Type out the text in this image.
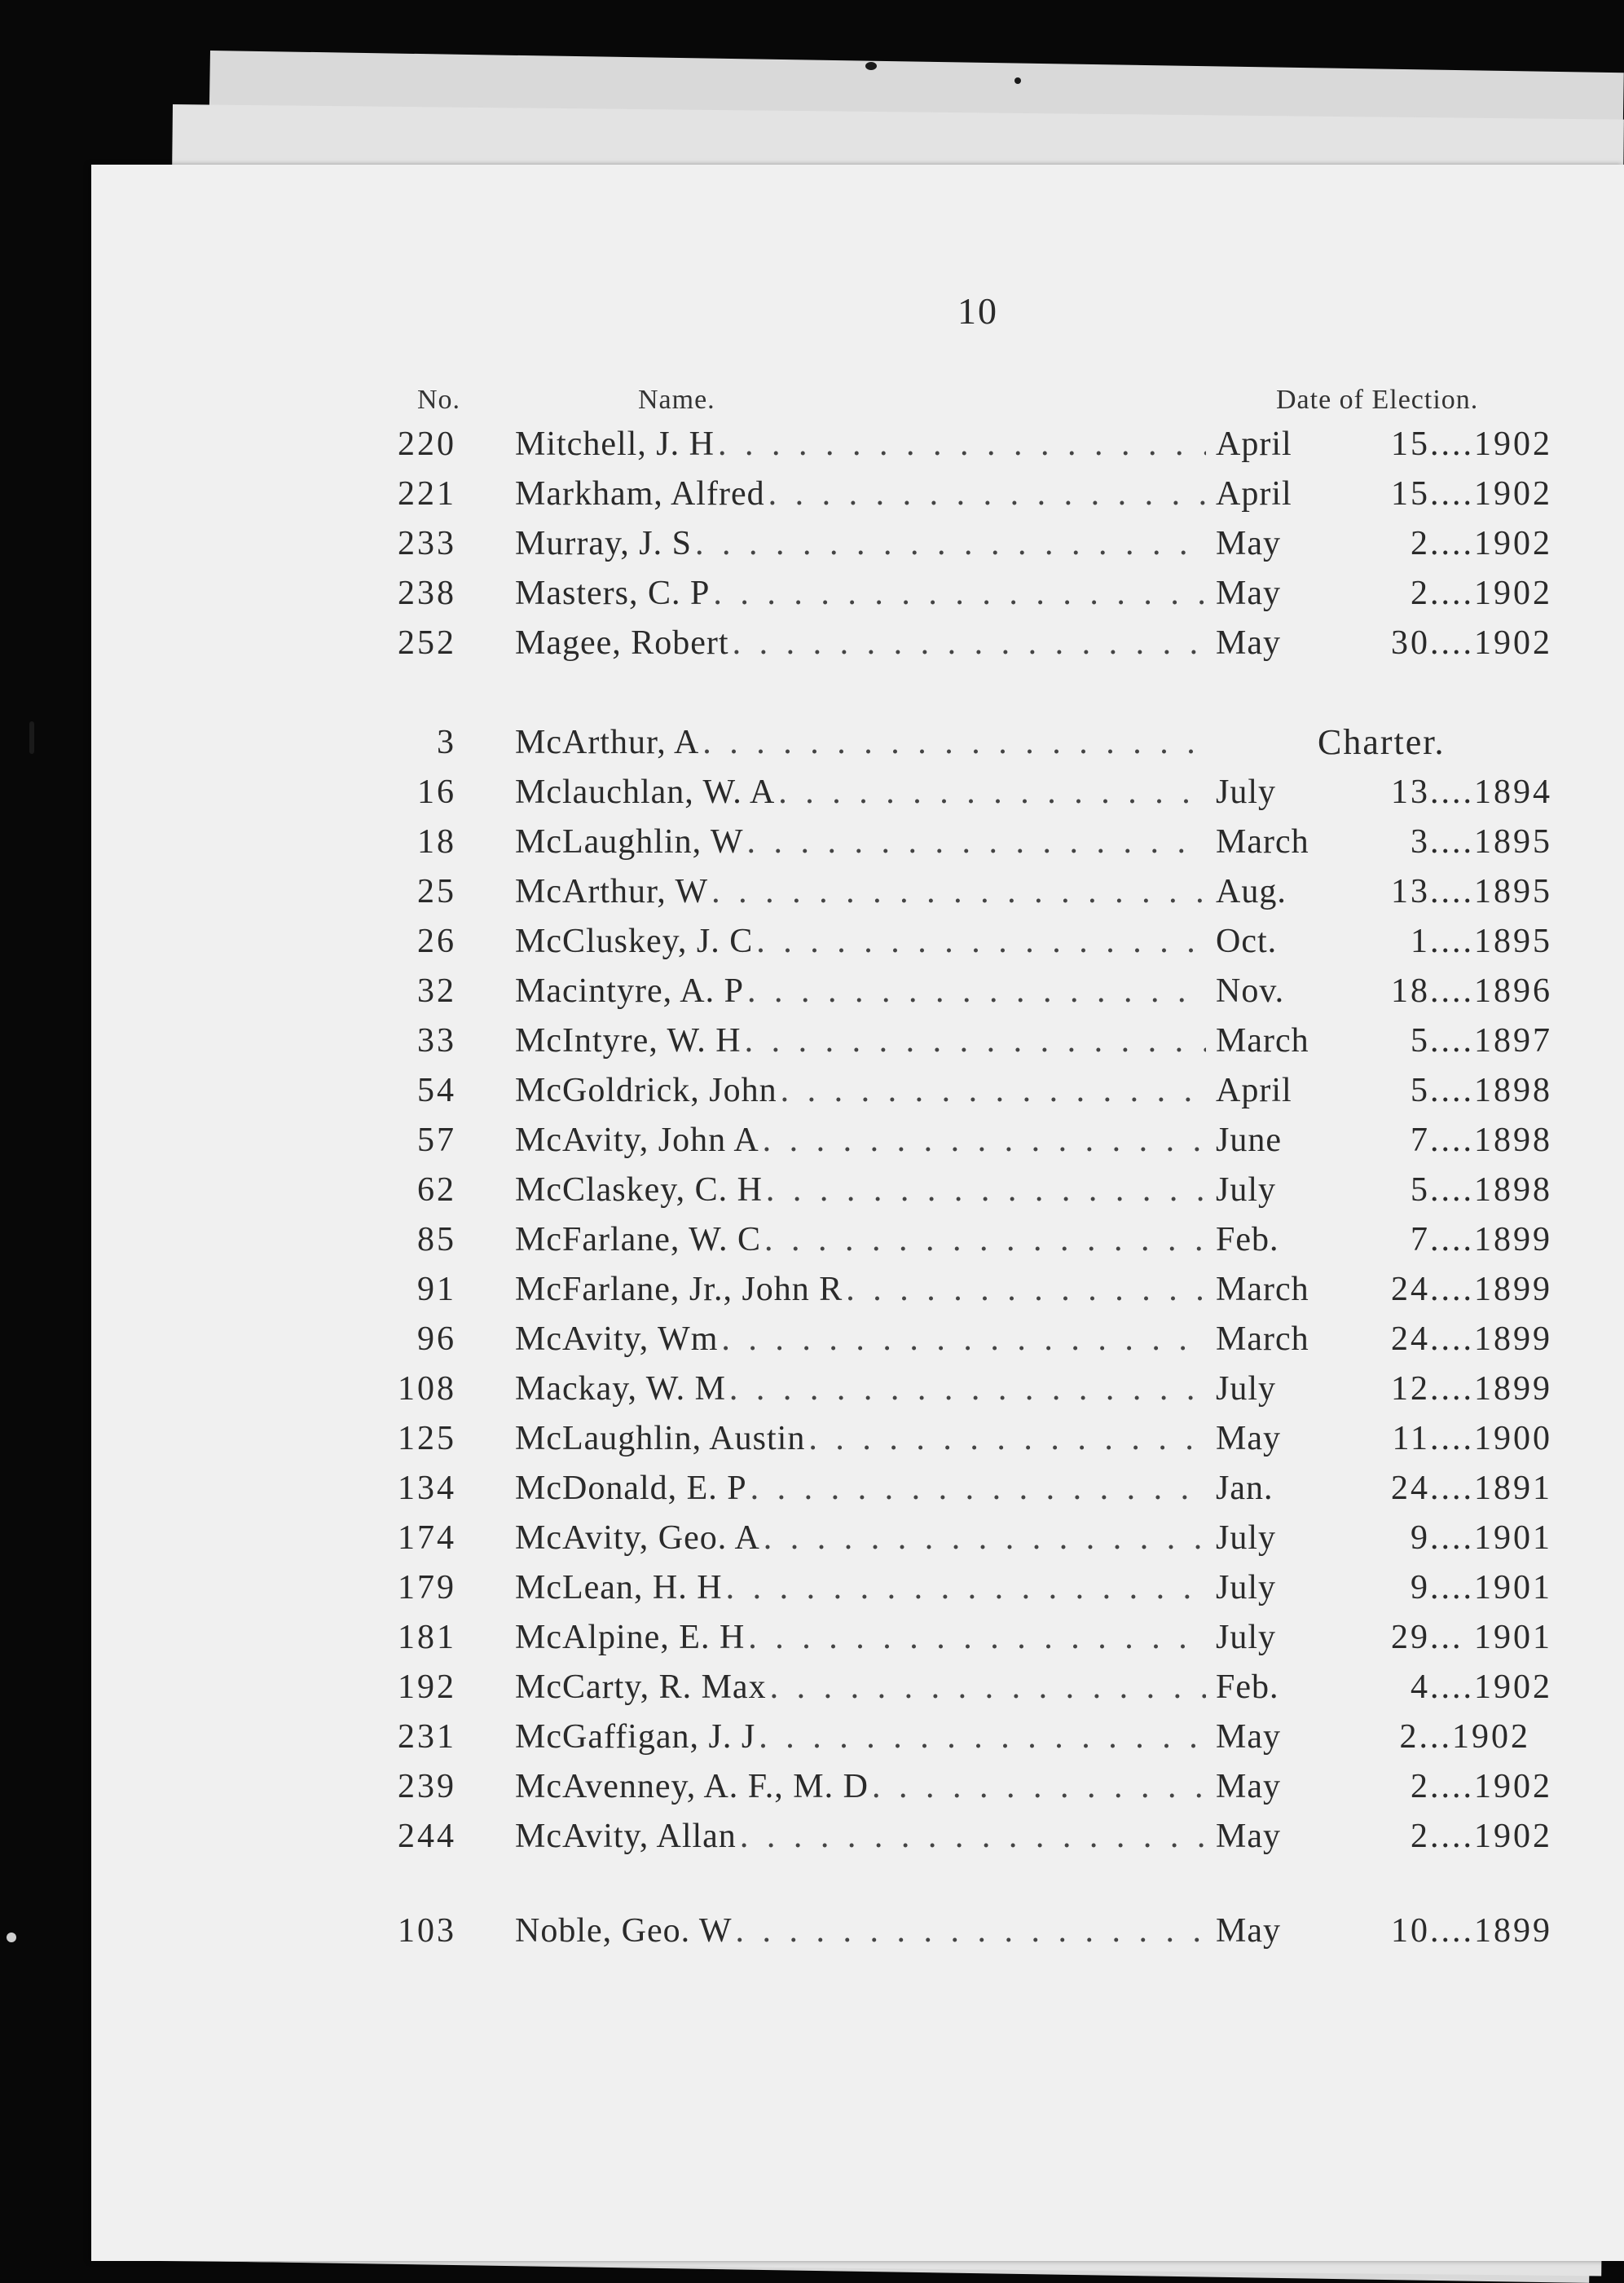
10
No.	Name.	Date of Election.
220 Mitchell, J. H . . .	April	15 ....1902
221 Markham, Alfred . . .	April	15 ....1902
233 Murray, J. S . . .	May	2 ....1902
238 Masters, C. P . . .	May	2 ....1902
252 Magee, Robert . . .	May	30 ....1902
3 McArthur, A . . .	Charter.
16 Mclauchlan, W. A . . .	July	13 ....1894
18 McLaughlin, W . . .	March	3 ....1895
25 McArthur, W . . .	Aug.	13 ....1895
26 McCluskey, J. C . . .	Oct.	1 ....1895
32 Macintyre, A. P . . .	Nov.	18 ....1896
33 McIntyre, W. H . . .	March	5 ....1897
54 McGoldrick, John . . .	April	5 ....1898
57 McAvity, John A . . .	June	7 ....1898
62 McClaskey, C. H . . .	July	5 ....1898
85 McFarlane, W. C . . .	Feb.	7 ....1899
91 McFarlane, Jr., John R . . .	March	24 ....1899
96 McAvity, Wm . . .	March	24 ....1899
108 Mackay, W. M . . .	July	12 ....1899
125 McLaughlin, Austin . . .	May	11 ....1900
134 McDonald, E. P . . .	Jan.	24 ....1891
174 McAvity, Geo. A . . .	July	9 ....1901
179 McLean, H. H . . .	July	9 ....1901
181 McAlpine, E. H . . .	July	29 ... 1901
192 McCarty, R. Max . . .	Feb.	4 ....1902
231 McGaffigan, J. J . . .	May	2. ..1902
239 McAvenney, A. F., M. D . . .	May	2 ....1902
244 McAvity, Allan . . .	May	2 ....1902
103 Noble, Geo. W . . .	May	10 ....1899
